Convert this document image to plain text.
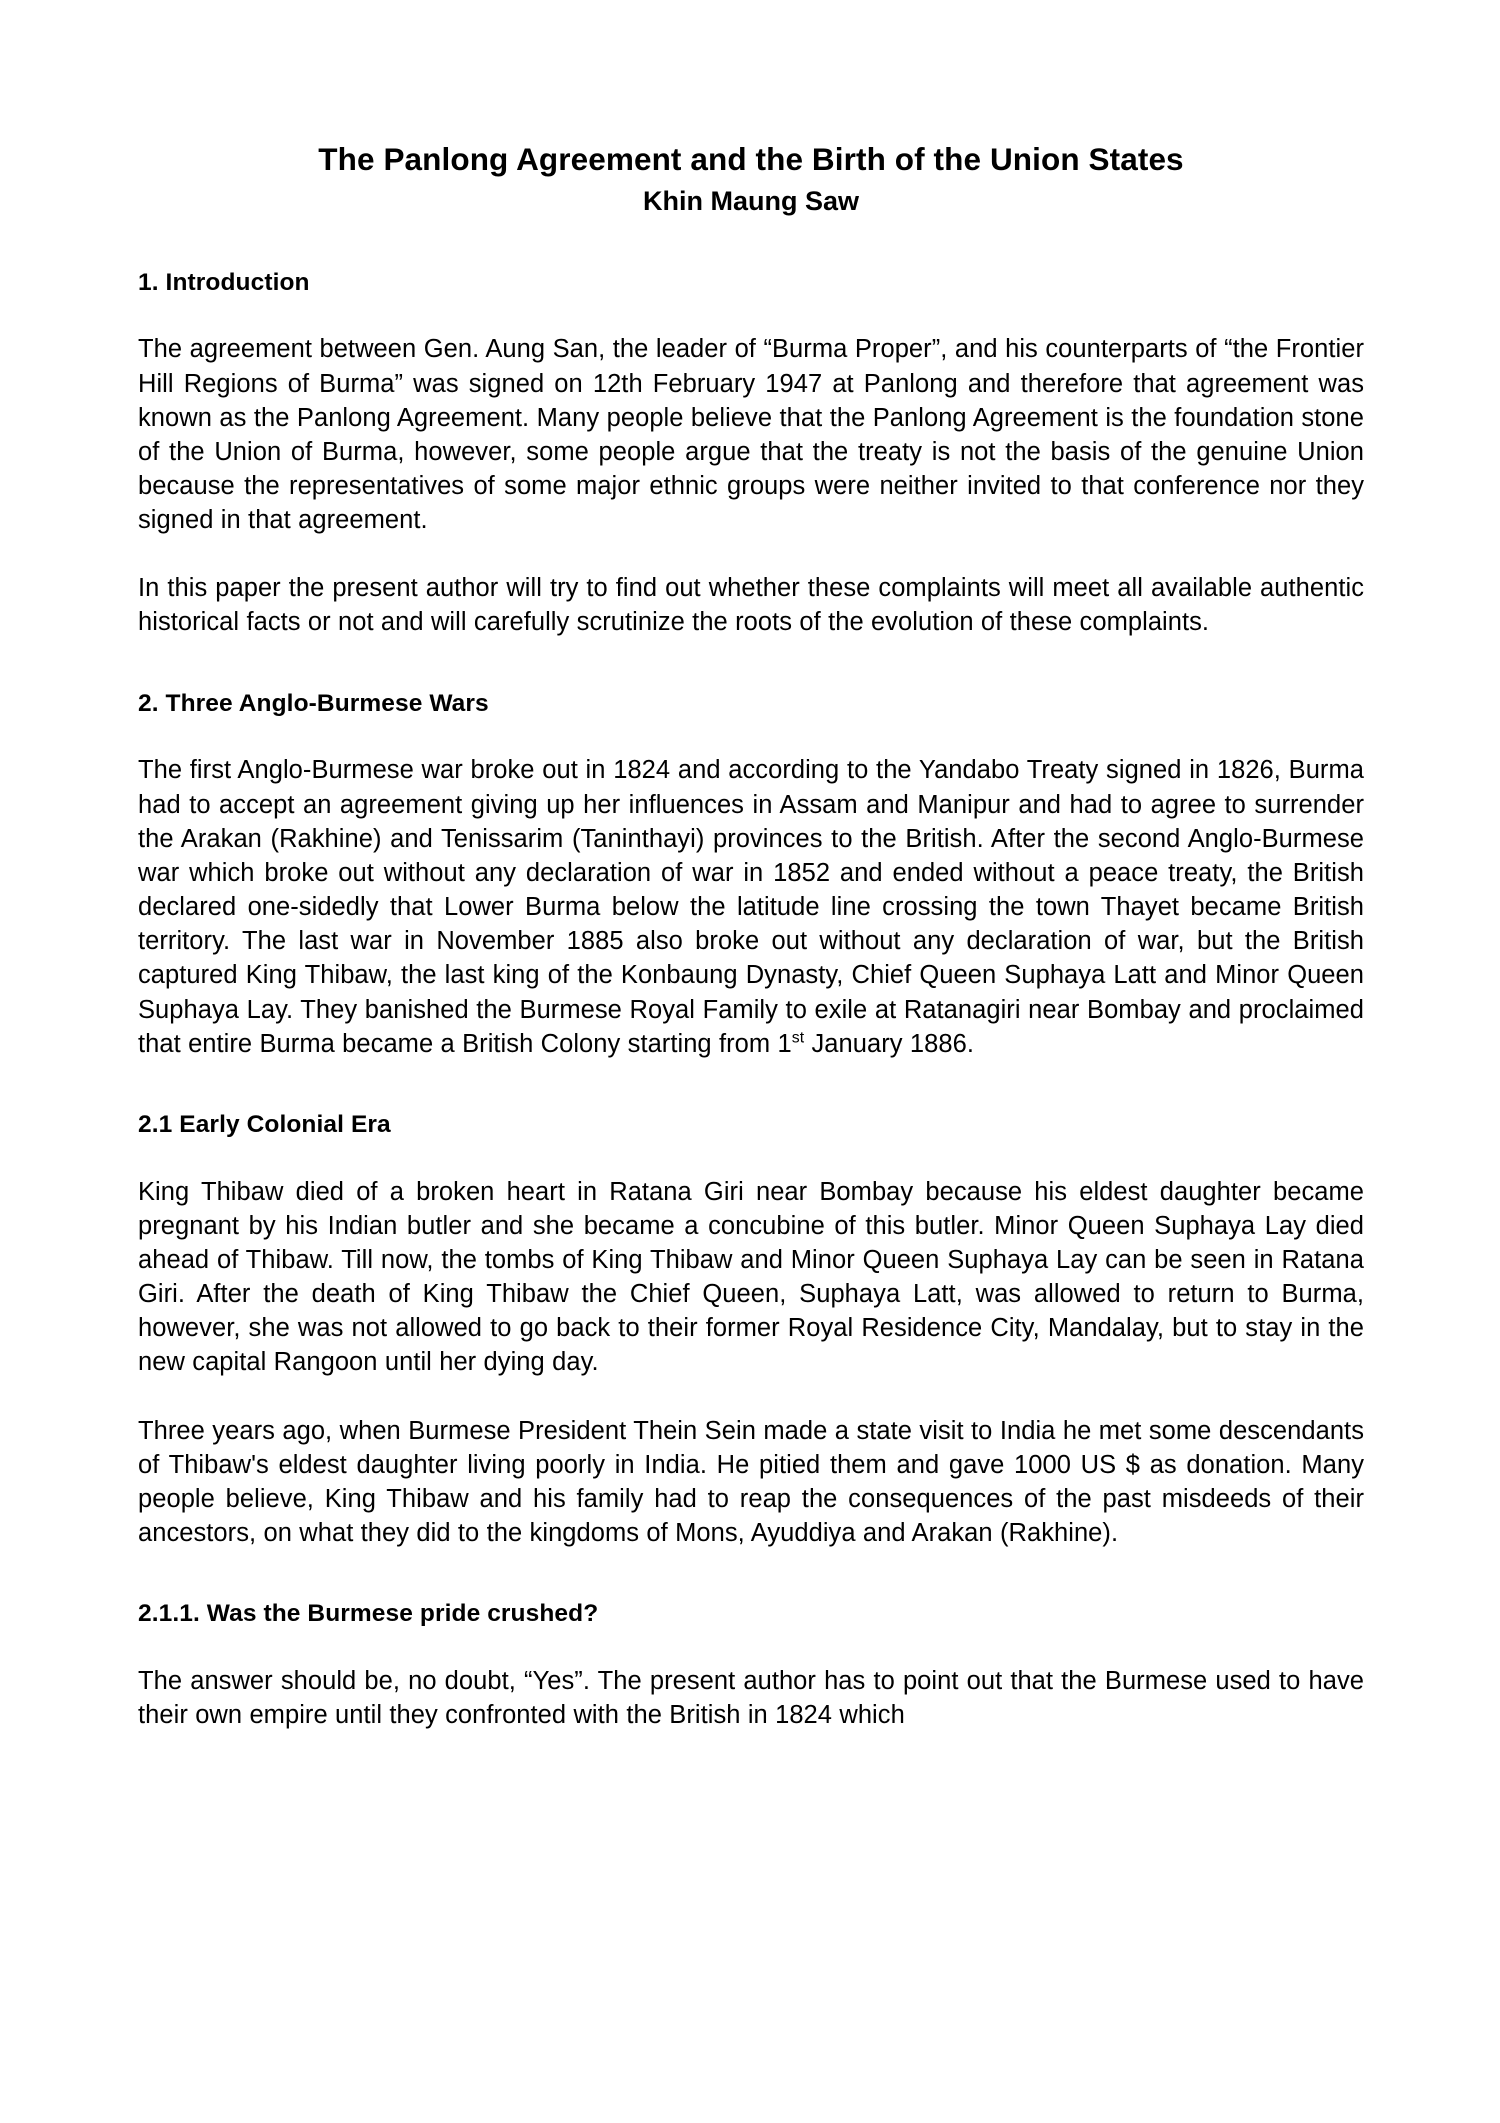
The Panlong Agreement and the Birth of the Union States
Khin Maung Saw
1. Introduction

The agreement between Gen. Aung San, the leader of “Burma Proper”, and his counterparts of “the Frontier Hill Regions of Burma” was signed on 12th February 1947 at Panlong and therefore that agreement was known as the Panlong Agreement. Many people believe that the Panlong Agreement is the foundation stone of the Union of Burma, however, some people argue that the treaty is not the basis of the genuine Union because the representatives of some major ethnic groups were neither invited to that conference nor they signed in that agreement.

In this paper the present author will try to find out whether these complaints will meet all available authentic historical facts or not and will carefully scrutinize the roots of the evolution of these complaints.

2. Three Anglo-Burmese Wars

The first Anglo-Burmese war broke out in 1824 and according to the Yandabo Treaty signed in 1826, Burma had to accept an agreement giving up her influences in Assam and Manipur and had to agree to surrender the Arakan (Rakhine) and Tenissarim (Taninthayi) provinces to the British. After the second Anglo-Burmese war which broke out without any declaration of war in 1852 and ended without a peace treaty, the British declared one-sidedly that Lower Burma below the latitude line crossing the town Thayet became British territory. The last war in November 1885 also broke out without any declaration of war, but the British captured King Thibaw, the last king of the Konbaung Dynasty, Chief Queen Suphaya Latt and Minor Queen Suphaya Lay. They banished the Burmese Royal Family to exile at Ratanagiri near Bombay and proclaimed that entire Burma became a British Colony starting from 1st January 1886.

2.1 Early Colonial Era

King Thibaw died of a broken heart in Ratana Giri near Bombay because his eldest daughter became pregnant by his Indian butler and she became a concubine of this butler. Minor Queen Suphaya Lay died ahead of Thibaw. Till now, the tombs of King Thibaw and Minor Queen Suphaya Lay can be seen in Ratana Giri. After the death of King Thibaw the Chief Queen, Suphaya Latt, was allowed to return to Burma, however, she was not allowed to go back to their former Royal Residence City, Mandalay, but to stay in the new capital Rangoon until her dying day.

Three years ago, when Burmese President Thein Sein made a state visit to India he met some descendants of Thibaw's eldest daughter living poorly in India. He pitied them and gave 1000 US $ as donation. Many people believe, King Thibaw and his family had to reap the consequences of the past misdeeds of their ancestors, on what they did to the kingdoms of Mons, Ayuddiya and Arakan (Rakhine).

2.1.1. Was the Burmese pride crushed?

The answer should be, no doubt, “Yes”. The present author has to point out that the Burmese used to have their own empire until they confronted with the British in 1824 which
